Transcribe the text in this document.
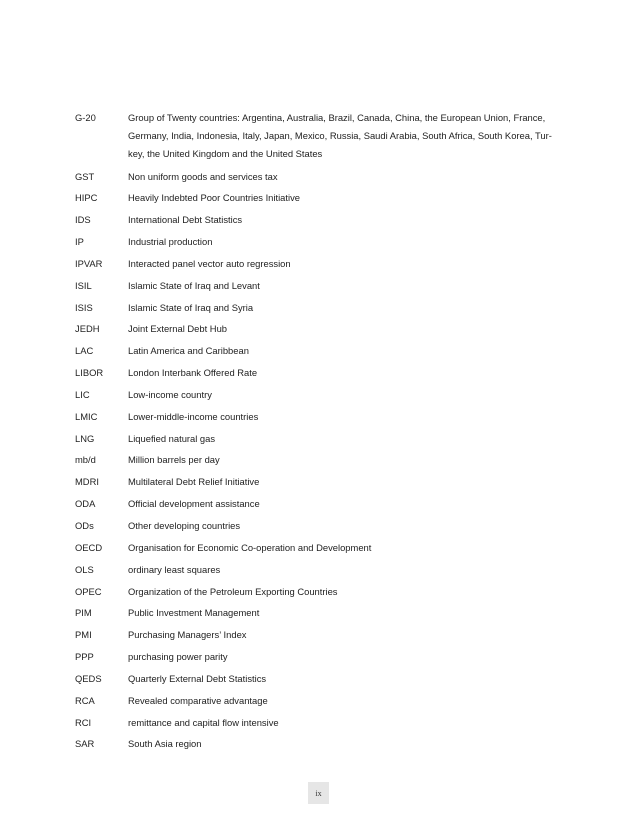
G-20	Group of Twenty countries: Argentina, Australia, Brazil, Canada, China, the European Union, France, Germany, India, Indonesia, Italy, Japan, Mexico, Russia, Saudi Arabia, South Africa, South Korea, Tur- key, the United Kingdom and the United States
GST	Non uniform goods and services tax
HIPC	Heavily Indebted Poor Countries Initiative
IDS	International Debt Statistics
IP	Industrial production
IPVAR	Interacted panel vector auto regression
ISIL	Islamic State of Iraq and Levant
ISIS	Islamic State of Iraq and Syria
JEDH	Joint External Debt Hub
LAC	Latin America and Caribbean
LIBOR	London Interbank Offered Rate
LIC	Low-income country
LMIC	Lower-middle-income countries
LNG	Liquefied natural gas
mb/d	Million barrels per day
MDRI	Multilateral Debt Relief Initiative
ODA	Official development assistance
ODs	Other developing countries
OECD	Organisation for Economic Co-operation and Development
OLS	ordinary least squares
OPEC	Organization of the Petroleum Exporting Countries
PIM	Public Investment Management
PMI	Purchasing Managers’ Index
PPP	purchasing power parity
QEDS	Quarterly External Debt Statistics
RCA	Revealed comparative advantage
RCI	remittance and capital flow intensive
SAR	South Asia region
ix
